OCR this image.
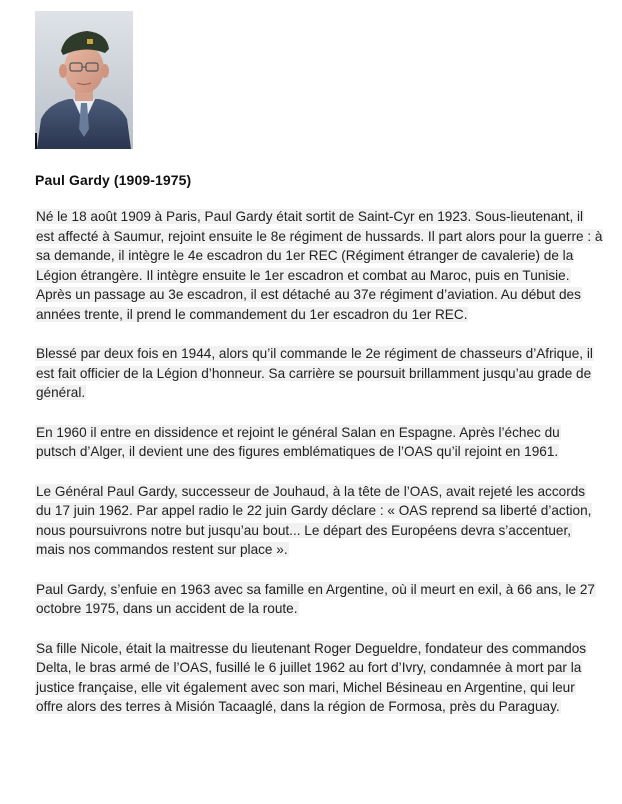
Paul Gardy (1909-1975)

Né le 18 août 1909 à Paris, Paul Gardy était sortit de Saint-Cyr en 1923. Sous-lieutenant, il est affecté à Saumur, rejoint ensuite le 8e régiment de hussards. Il part alors pour la guerre : à sa demande, il intègre le 4e escadron du 1er REC (Régiment étranger de cavalerie) de la Légion étrangère. Il intègre ensuite le 1er escadron et combat au Maroc, puis en Tunisie. Après un passage au 3e escadron, il est détaché au 37e régiment d’aviation. Au début des années trente, il prend le commandement du 1er escadron du 1er REC.

Blessé par deux fois en 1944, alors qu’il commande le 2e régiment de chasseurs d’Afrique, il est fait officier de la Légion d’honneur. Sa carrière se poursuit brillamment jusqu’au grade de général.

En 1960 il entre en dissidence et rejoint le général Salan en Espagne. Après l’échec du putsch d’Alger, il devient une des figures emblématiques de l’OAS qu’il rejoint en 1961.

Le Général Paul Gardy, successeur de Jouhaud, à la tête de l’OAS, avait rejeté les accords du 17 juin 1962. Par appel radio le 22 juin Gardy déclare : « OAS reprend sa liberté d’action, nous poursuivrons notre but jusqu’au bout... Le départ des Européens devra s’accentuer, mais nos commandos restent sur place ».

Paul Gardy, s’enfuie en 1963 avec sa famille en Argentine, où il meurt en exil, à 66 ans, le 27 octobre 1975, dans un accident de la route.

Sa fille Nicole, était la maitresse du lieutenant Roger Degueldre, fondateur des commandos Delta, le bras armé de l’OAS, fusillé le 6 juillet 1962 au fort d’Ivry, condamnée à mort par la justice française, elle vit également avec son mari, Michel Bésineau en Argentine, qui leur offre alors des terres à Misión Tacaaglé, dans la région de Formosa, près du Paraguay.
